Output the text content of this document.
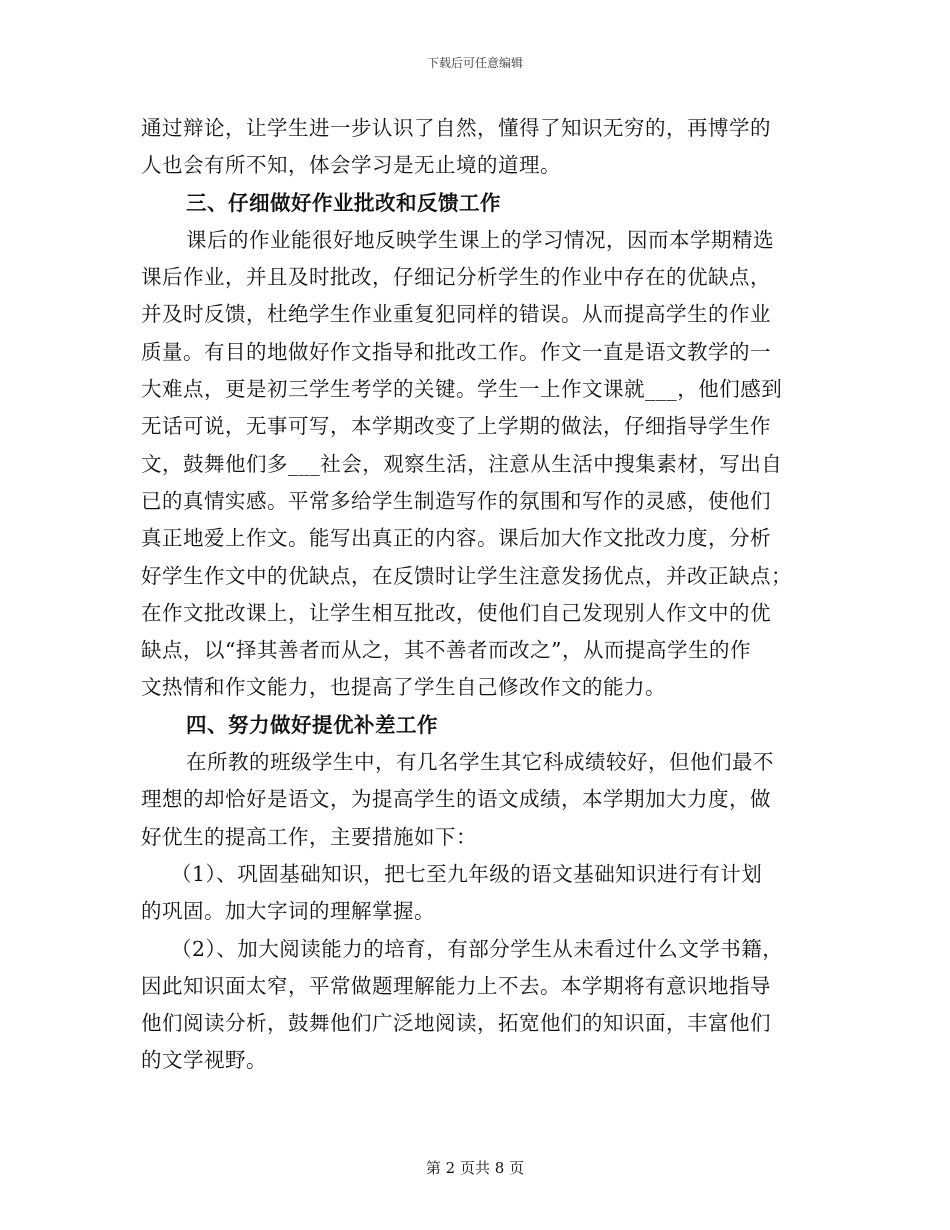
下载后可任意编辑
通过辩论，让学生进一步认识了自然，懂得了知识无穷的，再博学的
人也会有所不知，体会学习是无止境的道理。
三、仔细做好作业批改和反馈工作
课后的作业能很好地反映学生课上的学习情况，因而本学期精选
课后作业，并且及时批改，仔细记分析学生的作业中存在的优缺点，
并及时反馈，杜绝学生作业重复犯同样的错误。从而提高学生的作业
质量。有目的地做好作文指导和批改工作。作文一直是语文教学的一
大难点，更是初三学生考学的关键。学生一上作文课就___，他们感到
无话可说，无事可写，本学期改变了上学期的做法，仔细指导学生作
文，鼓舞他们多___社会，观察生活，注意从生活中搜集素材，写出自
已的真情实感。平常多给学生制造写作的氛围和写作的灵感，使他们
真正地爱上作文。能写出真正的内容。课后加大作文批改力度，分析
好学生作文中的优缺点，在反馈时让学生注意发扬优点，并改正缺点；
在作文批改课上，让学生相互批改，使他们自己发现别人作文中的优
缺点，以“择其善者而从之，其不善者而改之”，从而提高学生的作
文热情和作文能力，也提高了学生自己修改作文的能力。
四、努力做好提优补差工作
在所教的班级学生中，有几名学生其它科成绩较好，但他们最不
理想的却恰好是语文，为提高学生的语文成绩，本学期加大力度，做
好优生的提高工作，主要措施如下：
（1）、巩固基础知识，把七至九年级的语文基础知识进行有计划
的巩固。加大字词的理解掌握。
（2）、加大阅读能力的培育，有部分学生从未看过什么文学书籍，
因此知识面太窄，平常做题理解能力上不去。本学期将有意识地指导
他们阅读分析，鼓舞他们广泛地阅读，拓宽他们的知识面，丰富他们
的文学视野。
第 2 页共 8 页
